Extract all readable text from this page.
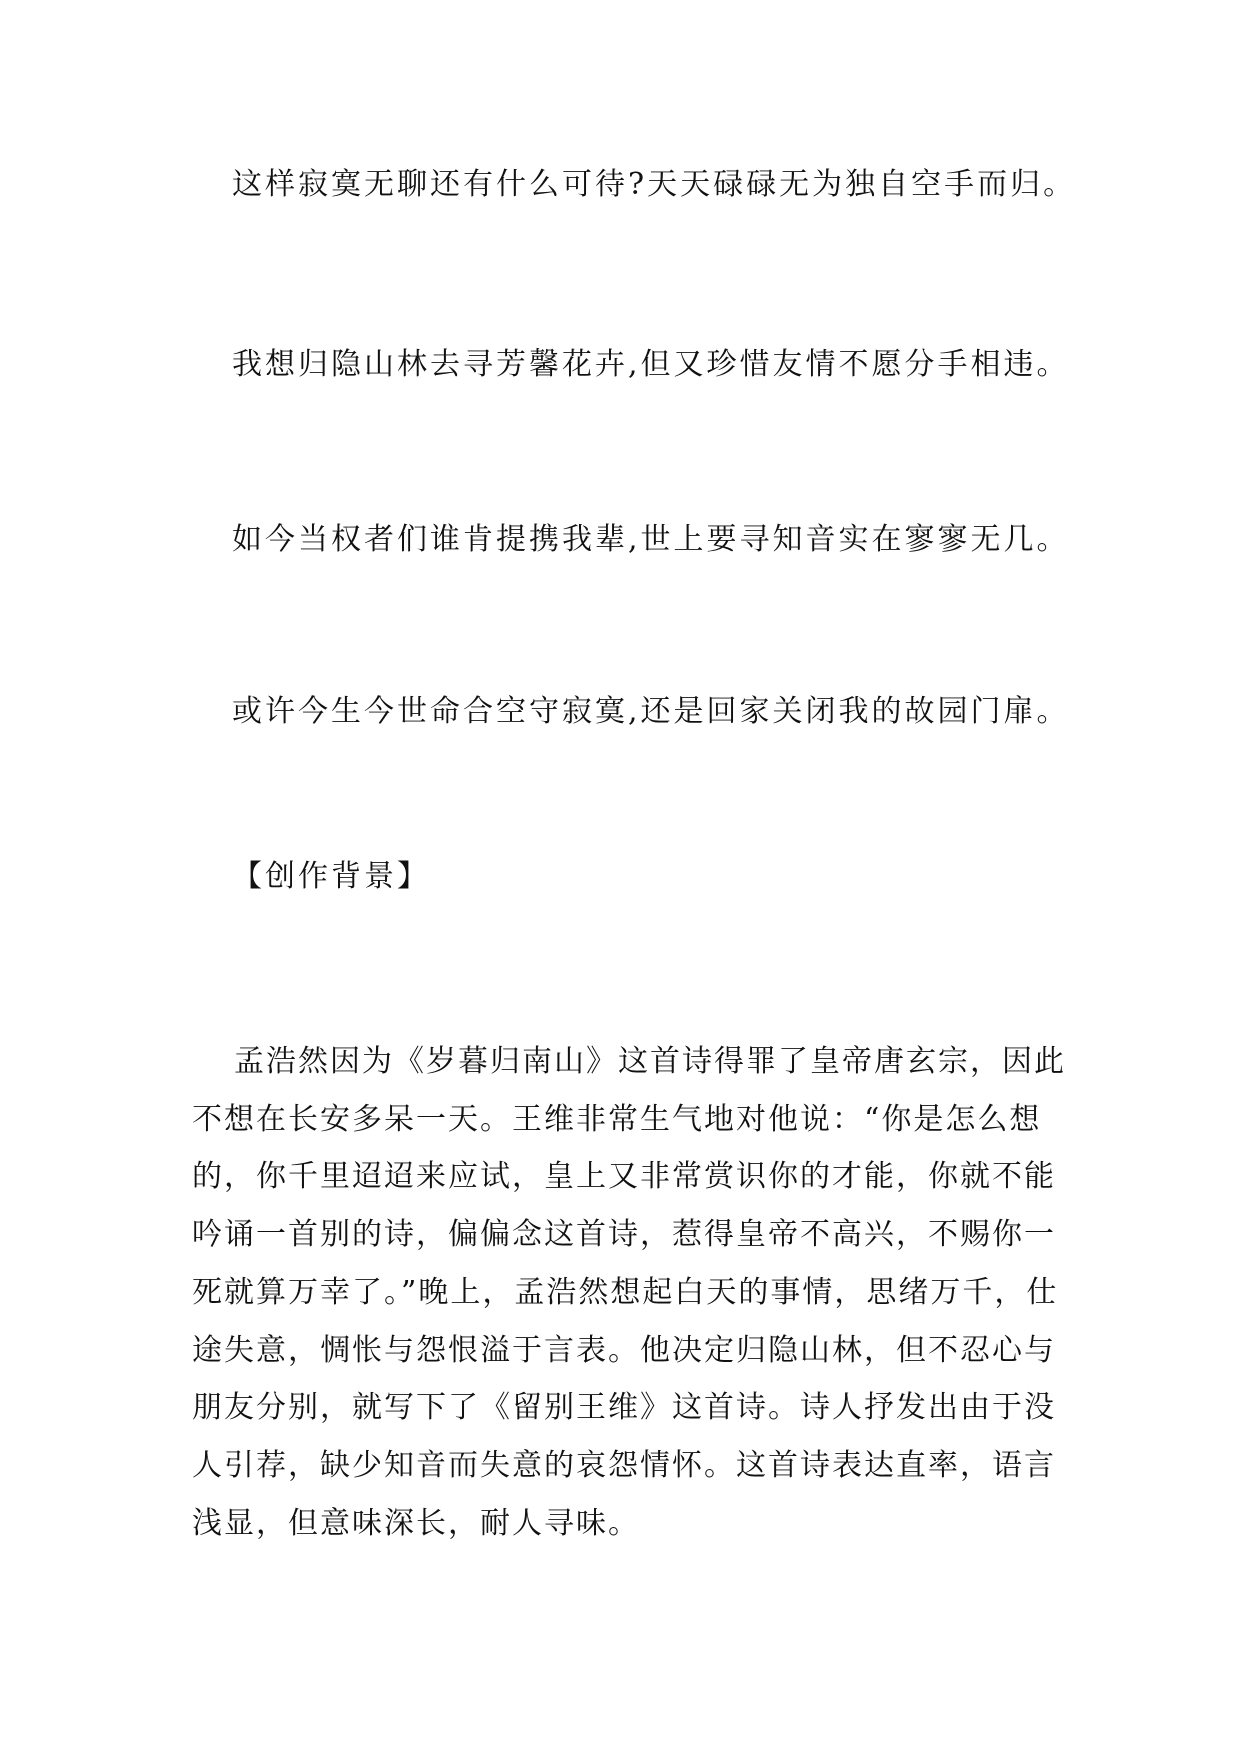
这样寂寞无聊还有什么可待?天天碌碌无为独自空手而归。
我想归隐山林去寻芳馨花卉,但又珍惜友情不愿分手相违。
如今当权者们谁肯提携我辈,世上要寻知音实在寥寥无几。
或许今生今世命合空守寂寞,还是回家关闭我的故园门扉。
【创作背景】
孟浩然因为《岁暮归南山》这首诗得罪了皇帝唐玄宗，因此不想在长安多呆一天。王维非常生气地对他说：“你是怎么想的，你千里迢迢来应试，皇上又非常赏识你的才能，你就不能吟诵一首别的诗，偏偏念这首诗，惹得皇帝不高兴，不赐你一死就算万幸了。”晚上，孟浩然想起白天的事情，思绪万千，仕途失意，惆怅与怨恨溢于言表。他决定归隐山林，但不忍心与朋友分别，就写下了《留别王维》这首诗。诗人抒发出由于没人引荐，缺少知音而失意的哀怨情怀。这首诗表达直率，语言浅显，但意味深长，耐人寻味。
